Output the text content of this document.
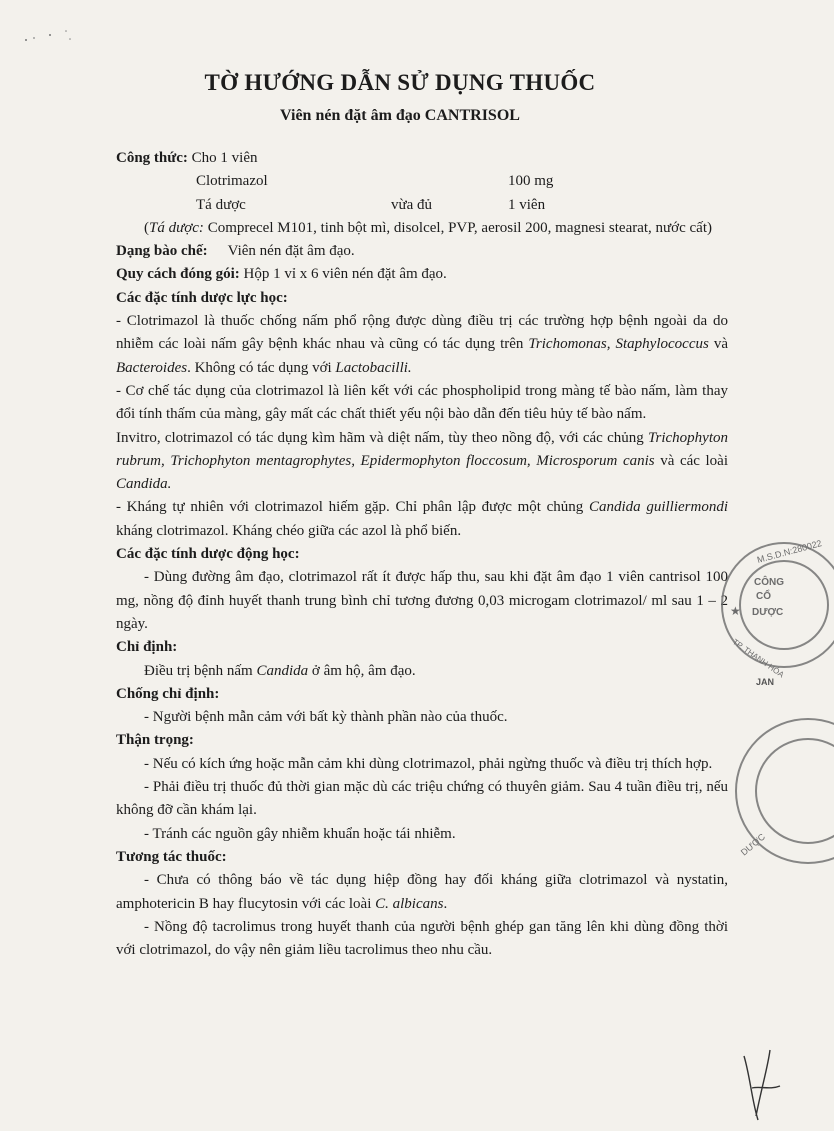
TỜ HƯỚNG DẪN SỬ DỤNG THUỐC
Viên nén đặt âm đạo CANTRISOL

Công thức: Cho 1 viên

Clotrimazol	100 mg
Tá dược	vừa đủ	1 viên

(Tá dược: Comprecel M101, tinh bột mì, disolcel, PVP, aerosil 200, magnesi stearat, nước cất)

Dạng bào chế: Viên nén đặt âm đạo.

Quy cách đóng gói: Hộp 1 vỉ x 6 viên nén đặt âm đạo.

Các đặc tính dược lực học:

- Clotrimazol là thuốc chống nấm phổ rộng được dùng điều trị các trường hợp bệnh ngoài da do nhiễm các loài nấm gây bệnh khác nhau và cũng có tác dụng trên Trichomonas, Staphylococcus và Bacteroides. Không có tác dụng với Lactobacilli.

- Cơ chế tác dụng của clotrimazol là liên kết với các phospholipid trong màng tế bào nấm, làm thay đổi tính thấm của màng, gây mất các chất thiết yếu nội bào dẫn đến tiêu hủy tế bào nấm.

Invitro, clotrimazol có tác dụng kìm hãm và diệt nấm, tùy theo nồng độ, với các chủng Trichophyton rubrum, Trichophyton mentagrophytes, Epidermophyton floccosum, Microsporum canis và các loài Candida.

- Kháng tự nhiên với clotrimazol hiếm gặp. Chỉ phân lập được một chủng Candida guilliermondi kháng clotrimazol. Kháng chéo giữa các azol là phổ biến.

Các đặc tính dược động học:

- Dùng đường âm đạo, clotrimazol rất ít được hấp thu, sau khi đặt âm đạo 1 viên cantrisol 100 mg, nồng độ đỉnh huyết thanh trung bình chỉ tương đương 0,03 microgam clotrimazol/ ml sau 1 – 2 ngày.

Chỉ định:

Điều trị bệnh nấm Candida ở âm hộ, âm đạo.

Chống chỉ định:

- Người bệnh mẫn cảm với bất kỳ thành phần nào của thuốc.

Thận trọng:

- Nếu có kích ứng hoặc mẫn cảm khi dùng clotrimazol, phải ngừng thuốc và điều trị thích hợp.

- Phải điều trị thuốc đủ thời gian mặc dù các triệu chứng có thuyên giảm. Sau 4 tuần điều trị, nếu không đỡ cần khám lại.

- Tránh các nguồn gây nhiễm khuẩn hoặc tái nhiễm.

Tương tác thuốc:

- Chưa có thông báo về tác dụng hiệp đồng hay đối kháng giữa clotrimazol và nystatin, amphotericin B hay flucytosin với các loài C. albicans.

- Nồng độ tacrolimus trong huyết thanh của người bệnh ghép gan tăng lên khi dùng đồng thời với clotrimazol, do vậy nên giảm liều tacrolimus theo nhu cầu.

M.S.D.N:280022
CÔNG
CỔ
DƯỢC
★
TP. THANH HÓA
JAN
DƯỢC
